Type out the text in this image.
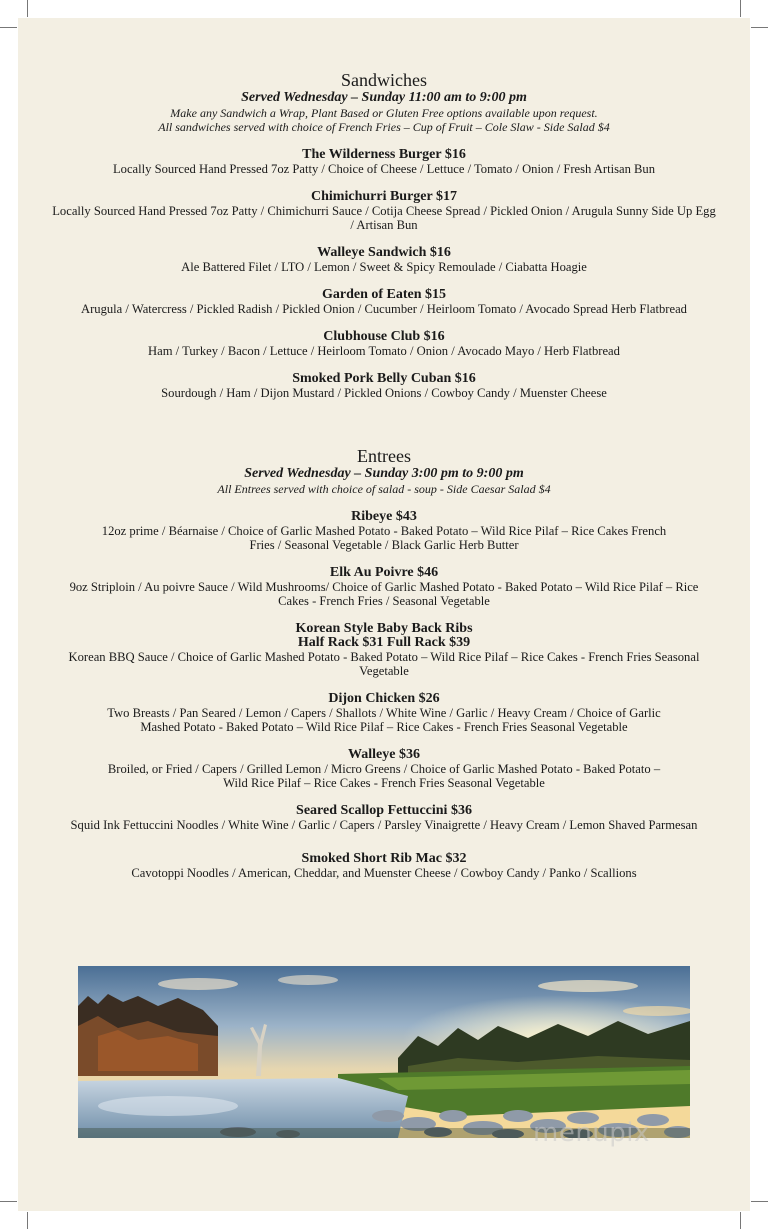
Sandwiches
Served Wednesday – Sunday 11:00 am to 9:00 pm
Make any Sandwich a Wrap, Plant Based or Gluten Free options available upon request.
All sandwiches served with choice of French Fries – Cup of Fruit – Cole Slaw - Side Salad $4
The Wilderness Burger $16
Locally Sourced Hand Pressed 7oz Patty / Choice of Cheese / Lettuce / Tomato / Onion / Fresh Artisan Bun
Chimichurri Burger $17
Locally Sourced Hand Pressed 7oz Patty / Chimichurri Sauce / Cotija Cheese Spread / Pickled Onion / Arugula Sunny Side Up Egg / Artisan Bun
Walleye Sandwich $16
Ale Battered Filet / LTO / Lemon / Sweet & Spicy Remoulade / Ciabatta Hoagie
Garden of Eaten $15
Arugula / Watercress / Pickled Radish / Pickled Onion / Cucumber / Heirloom Tomato / Avocado Spread Herb Flatbread
Clubhouse Club $16
Ham / Turkey / Bacon / Lettuce / Heirloom Tomato / Onion / Avocado Mayo / Herb Flatbread
Smoked Pork Belly Cuban $16
Sourdough / Ham / Dijon Mustard / Pickled Onions / Cowboy Candy / Muenster Cheese
Entrees
Served Wednesday – Sunday 3:00 pm to 9:00 pm
All Entrees served with choice of salad - soup - Side Caesar Salad $4
Ribeye $43
12oz prime / Béarnaise / Choice of Garlic Mashed Potato - Baked Potato – Wild Rice Pilaf – Rice Cakes French Fries / Seasonal Vegetable / Black Garlic Herb Butter
Elk Au Poivre $46
9oz Striploin / Au poivre Sauce / Wild Mushrooms/ Choice of Garlic Mashed Potato - Baked Potato – Wild Rice Pilaf – Rice Cakes - French Fries / Seasonal Vegetable
Korean Style Baby Back Ribs
Half Rack $31 Full Rack $39
Korean BBQ Sauce / Choice of Garlic Mashed Potato - Baked Potato – Wild Rice Pilaf – Rice Cakes - French Fries Seasonal Vegetable
Dijon Chicken $26
Two Breasts / Pan Seared / Lemon / Capers / Shallots / White Wine / Garlic / Heavy Cream / Choice of Garlic Mashed Potato - Baked Potato – Wild Rice Pilaf – Rice Cakes - French Fries Seasonal Vegetable
Walleye $36
Broiled, or Fried / Capers / Grilled Lemon / Micro Greens / Choice of Garlic Mashed Potato - Baked Potato – Wild Rice Pilaf – Rice Cakes - French Fries Seasonal Vegetable
Seared Scallop Fettuccini $36
Squid Ink Fettuccini Noodles / White Wine / Garlic / Capers / Parsley Vinaigrette / Heavy Cream / Lemon Shaved Parmesan
Smoked Short Rib Mac $32
Cavotoppi Noodles / American, Cheddar, and Muenster Cheese / Cowboy Candy / Panko / Scallions
menupix
